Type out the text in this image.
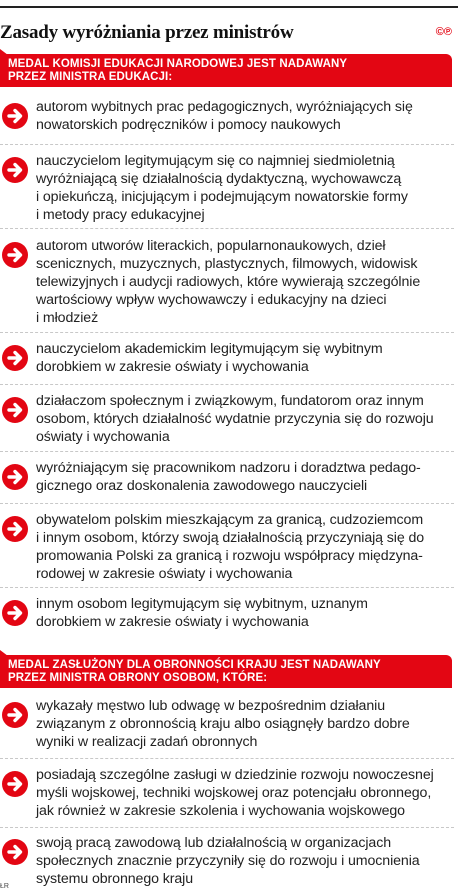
Zasady wyróżniania przez ministrów	©℗
MEDAL KOMISJI EDUKACJI NARODOWEJ JEST NADAWANY
PRZEZ MINISTRA EDUKACJI:
autorom wybitnych prac pedagogicznych, wyróżniających się
nowatorskich podręczników i pomocy naukowych
nauczycielom legitymującym się co najmniej siedmioletnią
wyróżniającą się działalnością dydaktyczną, wychowawczą
i opiekuńczą, inicjującym i podejmującym nowatorskie formy
i metody pracy edukacyjnej
autorom utworów literackich, popularnonaukowych, dzieł
scenicznych, muzycznych, plastycznych, filmowych, widowisk
telewizyjnych i audycji radiowych, które wywierają szczególnie
wartościowy wpływ wychowawczy i edukacyjny na dzieci
i młodzież
nauczycielom akademickim legitymującym się wybitnym
dorobkiem w zakresie oświaty i wychowania
działaczom społecznym i związkowym, fundatorom oraz innym
osobom, których działalność wydatnie przyczynia się do rozwoju
oświaty i wychowania
wyróżniającym się pracownikom nadzoru i doradztwa pedago-
gicznego oraz doskonalenia zawodowego nauczycieli
obywatelom polskim mieszkającym za granicą, cudzoziemcom
i innym osobom, którzy swoją działalnością przyczyniają się do
promowania Polski za granicą i rozwoju współpracy międzyna-
rodowej w zakresie oświaty i wychowania
innym osobom legitymującym się wybitnym, uznanym
dorobkiem w zakresie oświaty i wychowania
MEDAL ZASŁUŻONY DLA OBRONNOŚCI KRAJU JEST NADAWANY
PRZEZ MINISTRA OBRONY OSOBOM, KTÓRE:
wykazały męstwo lub odwagę w bezpośrednim działaniu
związanym z obronnością kraju albo osiągnęły bardzo dobre
wyniki w realizacji zadań obronnych
posiadają szczególne zasługi w dziedzinie rozwoju nowoczesnej
myśli wojskowej, techniki wojskowej oraz potencjału obronnego,
jak również w zakresie szkolenia i wychowania wojskowego
swoją pracą zawodową lub działalnością w organizacjach
społecznych znacznie przyczyniły się do rozwoju i umocnienia
systemu obronnego kraju
ŁR
